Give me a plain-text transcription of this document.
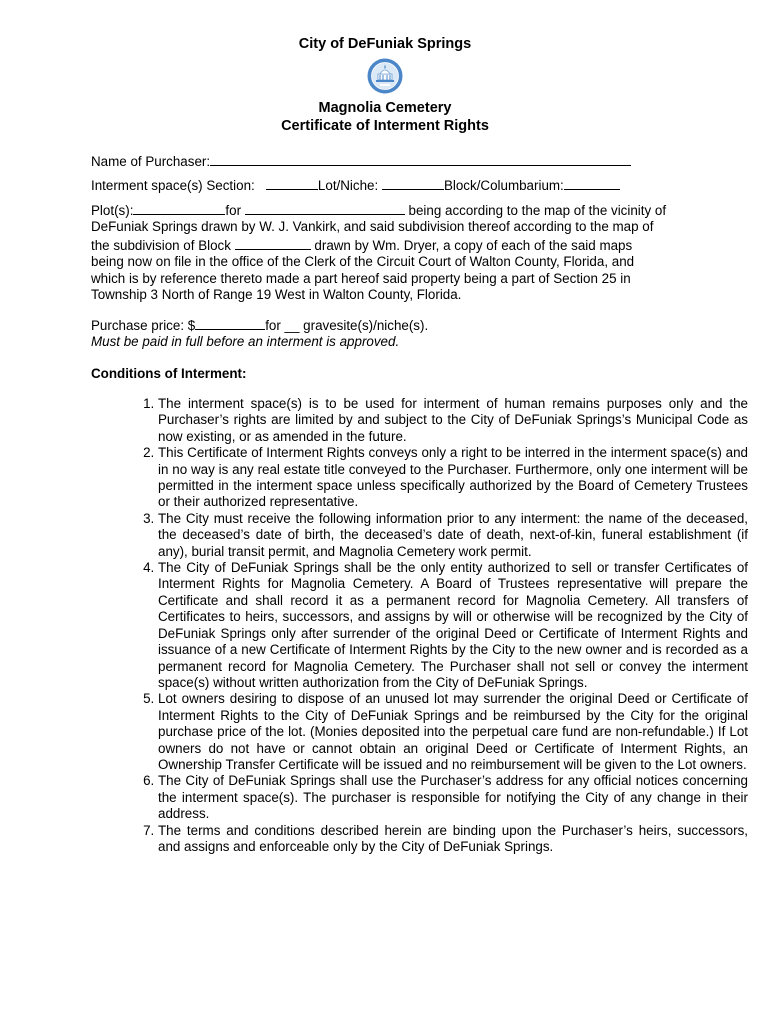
City of DeFuniak Springs
Magnolia Cemetery
Certificate of Interment Rights
Name of Purchaser:
Interment space(s) Section:	Lot/Niche:	Block/Columbarium:
Plot(s):	for	being according to the map of the vicinity of
DeFuniak Springs drawn by W. J. Vankirk, and said subdivision thereof according to the map of
the subdivision of Block	drawn by Wm. Dryer, a copy of each of the said maps
being now on file in the office of the Clerk of the Circuit Court of Walton County, Florida, and
which is by reference thereto made a part hereof said property being a part of Section 25 in
Township 3 North of Range 19 West in Walton County, Florida.
Purchase price: $	for __ gravesite(s)/niche(s).
Must be paid in full before an interment is approved.
Conditions of Interment:
1. The interment space(s) is to be used for interment of human remains purposes only and the Purchaser’s rights are limited by and subject to the City of DeFuniak Springs’s Municipal Code as now existing, or as amended in the future.
2. This Certificate of Interment Rights conveys only a right to be interred in the interment space(s) and in no way is any real estate title conveyed to the Purchaser. Furthermore, only one interment will be permitted in the interment space unless specifically authorized by the Board of Cemetery Trustees or their authorized representative.
3. The City must receive the following information prior to any interment: the name of the deceased, the deceased’s date of birth, the deceased’s date of death, next-of-kin, funeral establishment (if any), burial transit permit, and Magnolia Cemetery work permit.
4. The City of DeFuniak Springs shall be the only entity authorized to sell or transfer Certificates of Interment Rights for Magnolia Cemetery. A Board of Trustees representative will prepare the Certificate and shall record it as a permanent record for Magnolia Cemetery. All transfers of Certificates to heirs, successors, and assigns by will or otherwise will be recognized by the City of DeFuniak Springs only after surrender of the original Deed or Certificate of Interment Rights and issuance of a new Certificate of Interment Rights by the City to the new owner and is recorded as a permanent record for Magnolia Cemetery. The Purchaser shall not sell or convey the interment space(s) without written authorization from the City of DeFuniak Springs.
5. Lot owners desiring to dispose of an unused lot may surrender the original Deed or Certificate of Interment Rights to the City of DeFuniak Springs and be reimbursed by the City for the original purchase price of the lot. (Monies deposited into the perpetual care fund are non-refundable.) If Lot owners do not have or cannot obtain an original Deed or Certificate of Interment Rights, an Ownership Transfer Certificate will be issued and no reimbursement will be given to the Lot owners.
6. The City of DeFuniak Springs shall use the Purchaser’s address for any official notices concerning the interment space(s). The purchaser is responsible for notifying the City of any change in their address.
7. The terms and conditions described herein are binding upon the Purchaser’s heirs, successors, and assigns and enforceable only by the City of DeFuniak Springs.
